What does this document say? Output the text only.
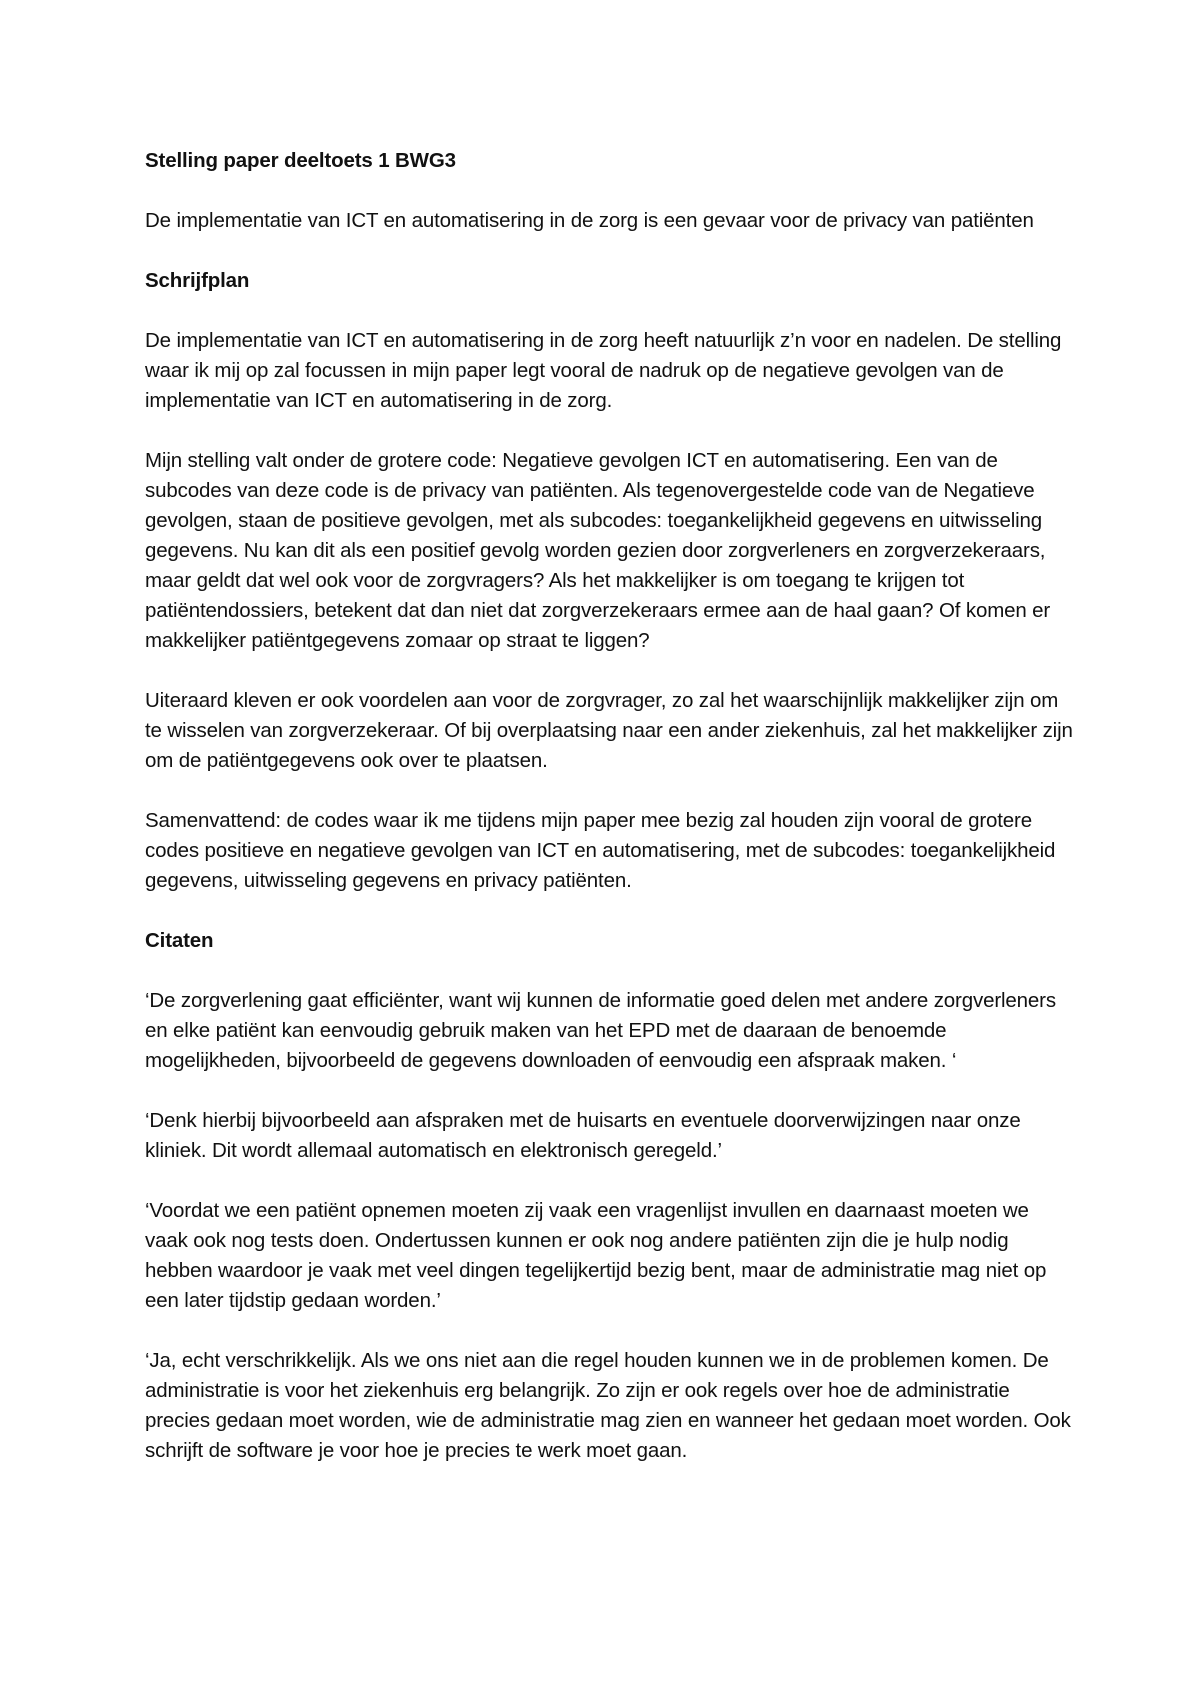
Stelling paper deeltoets 1 BWG3

De implementatie van ICT en automatisering in de zorg is een gevaar voor de privacy van patiënten

Schrijfplan

De implementatie van ICT en automatisering in de zorg heeft natuurlijk z’n voor en nadelen. De stelling waar ik mij op zal focussen in mijn paper legt vooral de nadruk op de negatieve gevolgen van de implementatie van ICT en automatisering in de zorg.

Mijn stelling valt onder de grotere code: Negatieve gevolgen ICT en automatisering. Een van de subcodes van deze code is de privacy van patiënten. Als tegenovergestelde code van de Negatieve gevolgen, staan de positieve gevolgen, met als subcodes: toegankelijkheid gegevens en uitwisseling gegevens. Nu kan dit als een positief gevolg worden gezien door zorgverleners en zorgverzekeraars, maar geldt dat wel ook voor de zorgvragers? Als het makkelijker is om toegang te krijgen tot patiëntendossiers, betekent dat dan niet dat zorgverzekeraars ermee aan de haal gaan? Of komen er makkelijker patiëntgegevens zomaar op straat te liggen?

Uiteraard kleven er ook voordelen aan voor de zorgvrager, zo zal het waarschijnlijk makkelijker zijn om te wisselen van zorgverzekeraar. Of bij overplaatsing naar een ander ziekenhuis, zal het makkelijker zijn om de patiëntgegevens ook over te plaatsen.

Samenvattend: de codes waar ik me tijdens mijn paper mee bezig zal houden zijn vooral de grotere codes positieve en negatieve gevolgen van ICT en automatisering, met de subcodes: toegankelijkheid gegevens, uitwisseling gegevens en privacy patiënten.

Citaten

‘De zorgverlening gaat efficiënter, want wij kunnen de informatie goed delen met andere zorgverleners en elke patiënt kan eenvoudig gebruik maken van het EPD met de daaraan de benoemde mogelijkheden, bijvoorbeeld de gegevens downloaden of eenvoudig een afspraak maken. ‘

‘Denk hierbij bijvoorbeeld aan afspraken met de huisarts en eventuele doorverwijzingen naar onze kliniek. Dit wordt allemaal automatisch en elektronisch geregeld.’

‘Voordat we een patiënt opnemen moeten zij vaak een vragenlijst invullen en daarnaast moeten we vaak ook nog tests doen. Ondertussen kunnen er ook nog andere patiënten zijn die je hulp nodig hebben waardoor je vaak met veel dingen tegelijkertijd bezig bent, maar de administratie mag niet op een later tijdstip gedaan worden.’

‘Ja, echt verschrikkelijk. Als we ons niet aan die regel houden kunnen we in de problemen komen. De administratie is voor het ziekenhuis erg belangrijk. Zo zijn er ook regels over hoe de administratie precies gedaan moet worden, wie de administratie mag zien en wanneer het gedaan moet worden. Ook schrijft de software je voor hoe je precies te werk moet gaan.
